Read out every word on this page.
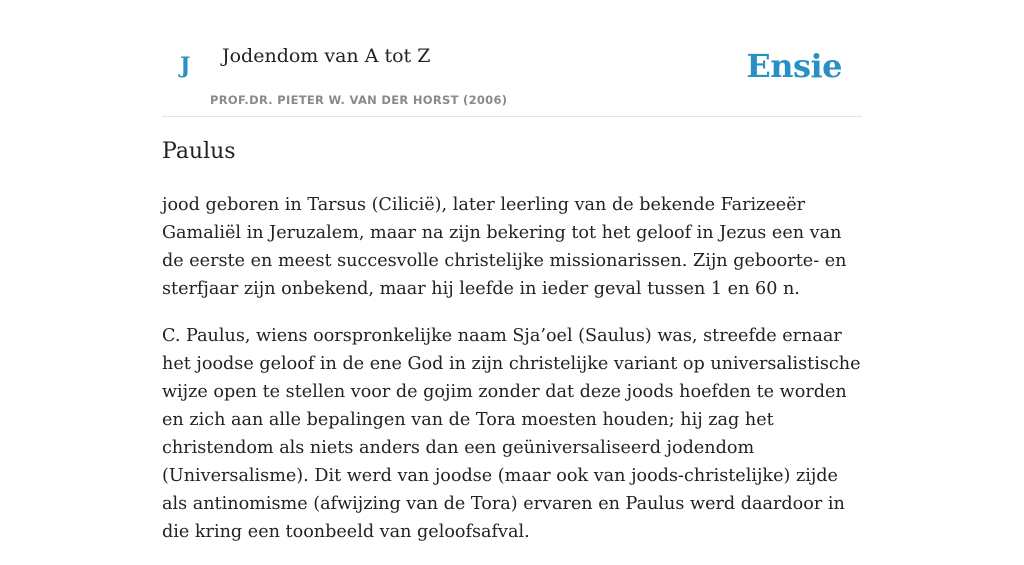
J Jodendom van A tot Z
PROF.DR. PIETER W. VAN DER HORST (2006)
Ensie
Paulus

jood geboren in Tarsus (Cilicië), later leerling van de bekende Farizeeër Gamaliël in Jeruzalem, maar na zijn bekering tot het geloof in Jezus een van de eerste en meest succesvolle christelijke missionarissen. Zijn geboorte- en sterfjaar zijn onbekend, maar hij leefde in ieder geval tussen 1 en 60 n.

C. Paulus, wiens oorspronkelijke naam Sja’oel (Saulus) was, streefde ernaar het joodse geloof in de ene God in zijn christelijke variant op universalistische wijze open te stellen voor de gojim zonder dat deze joods hoefden te worden en zich aan alle bepalingen van de Tora moesten houden; hij zag het christendom als niets anders dan een geüniversaliseerd jodendom (Universalisme). Dit werd van joodse (maar ook van joods-christelijke) zijde als antinomisme (afwijzing van de Tora) ervaren en Paulus werd daardoor in die kring een toonbeeld van geloofsafval.
